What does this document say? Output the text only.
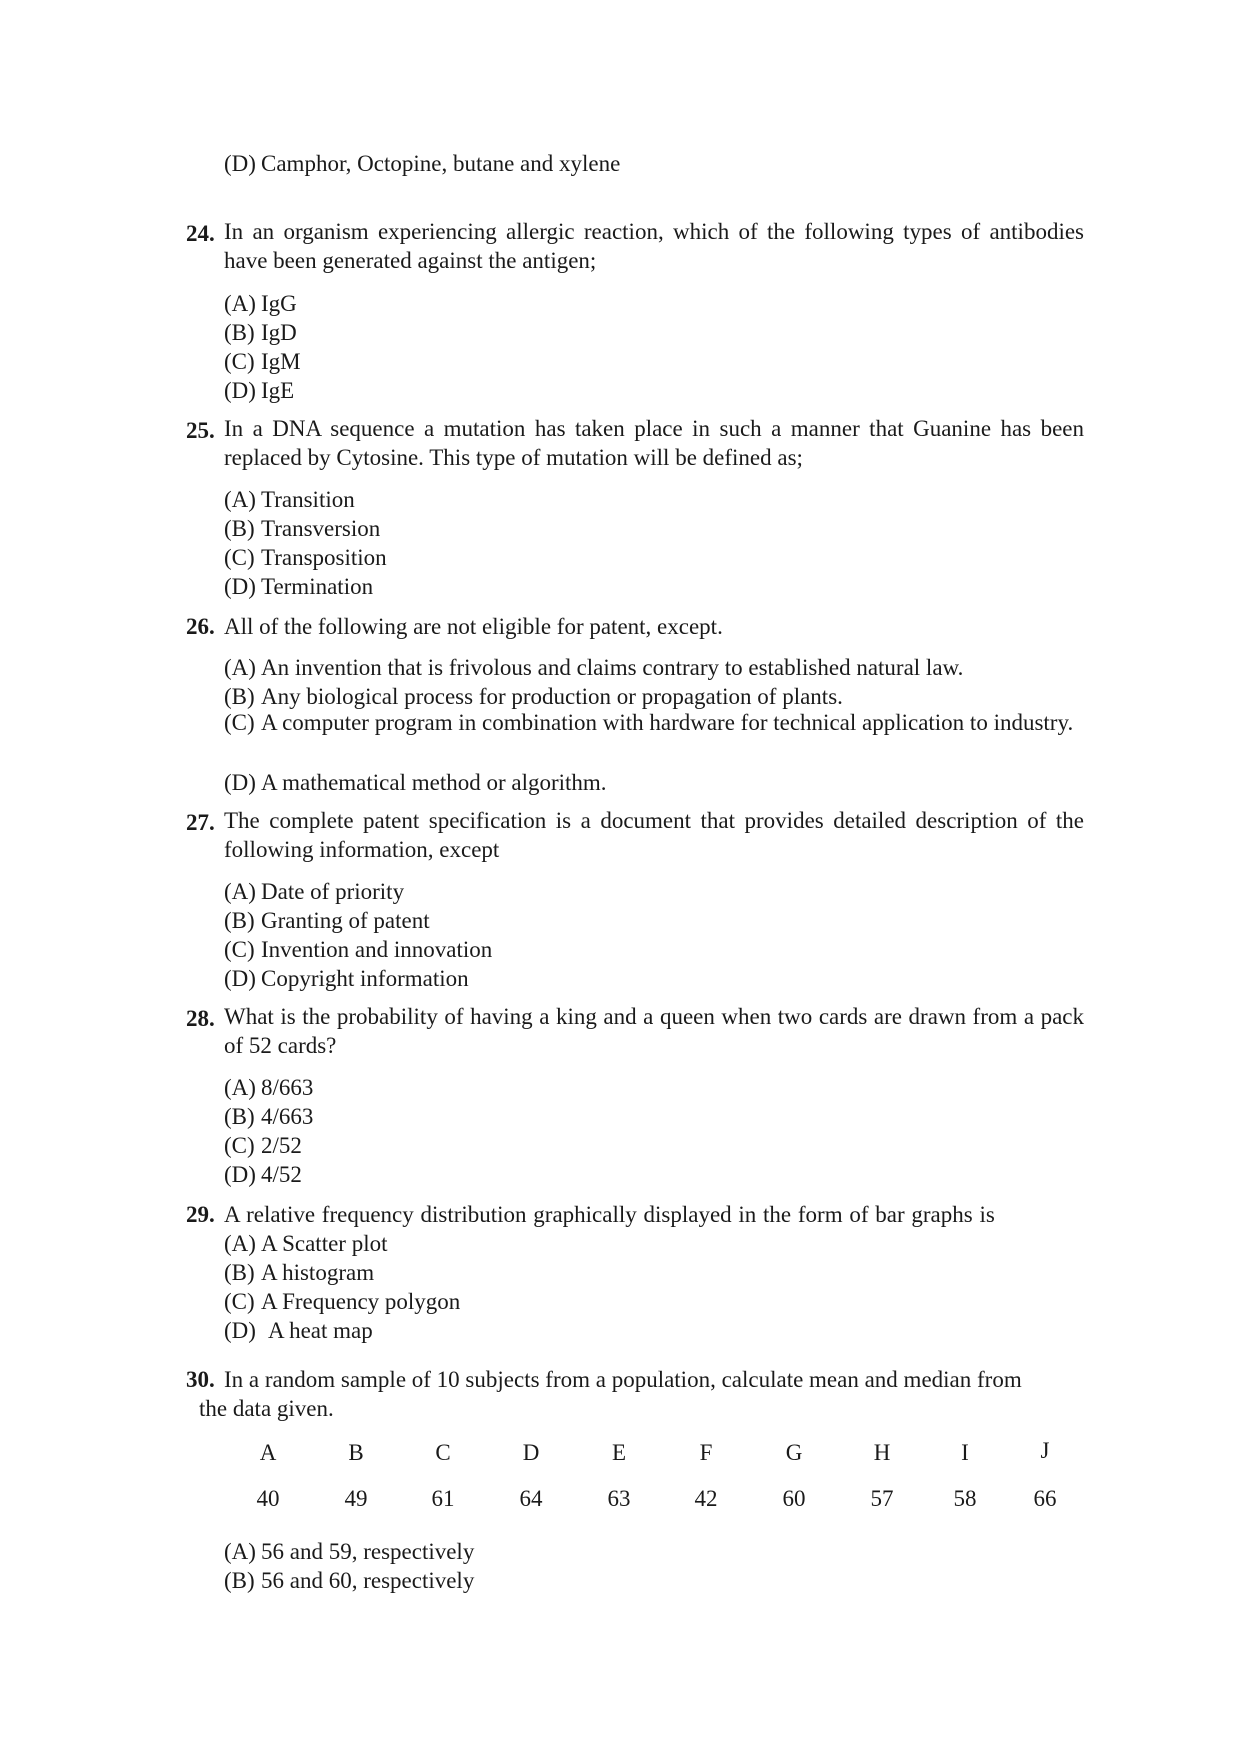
(D) Camphor, Octopine, butane and xylene
24. In an organism experiencing allergic reaction, which of the following types of antibodies have been generated against the antigen;
(A) IgG
(B) IgD
(C) IgM
(D) IgE
25. In a DNA sequence a mutation has taken place in such a manner that Guanine has been replaced by Cytosine. This type of mutation will be defined as;
(A) Transition
(B) Transversion
(C) Transposition
(D) Termination
26. All of the following are not eligible for patent, except.
(A) An invention that is frivolous and claims contrary to established natural law.
(B) Any biological process for production or propagation of plants.
(C) A computer program in combination with hardware for technical application to industry.
(D) A mathematical method or algorithm.
27. The complete patent specification is a document that provides detailed description of the following information, except
(A) Date of priority
(B) Granting of patent
(C) Invention and innovation
(D) Copyright information
28. What is the probability of having a king and a queen when two cards are drawn from a pack of 52 cards?
(A) 8/663
(B) 4/663
(C) 2/52
(D) 4/52
29. A relative frequency distribution graphically displayed in the form of bar graphs is
(A) A Scatter plot
(B) A histogram
(C) A Frequency polygon
(D) A heat map
30. In a random sample of 10 subjects from a population, calculate mean and median from
the data given.
A	B	C	D	E	F	G	H	I	J
40	49	61	64	63	42	60	57	58	66
(A) 56 and 59, respectively
(B) 56 and 60, respectively
